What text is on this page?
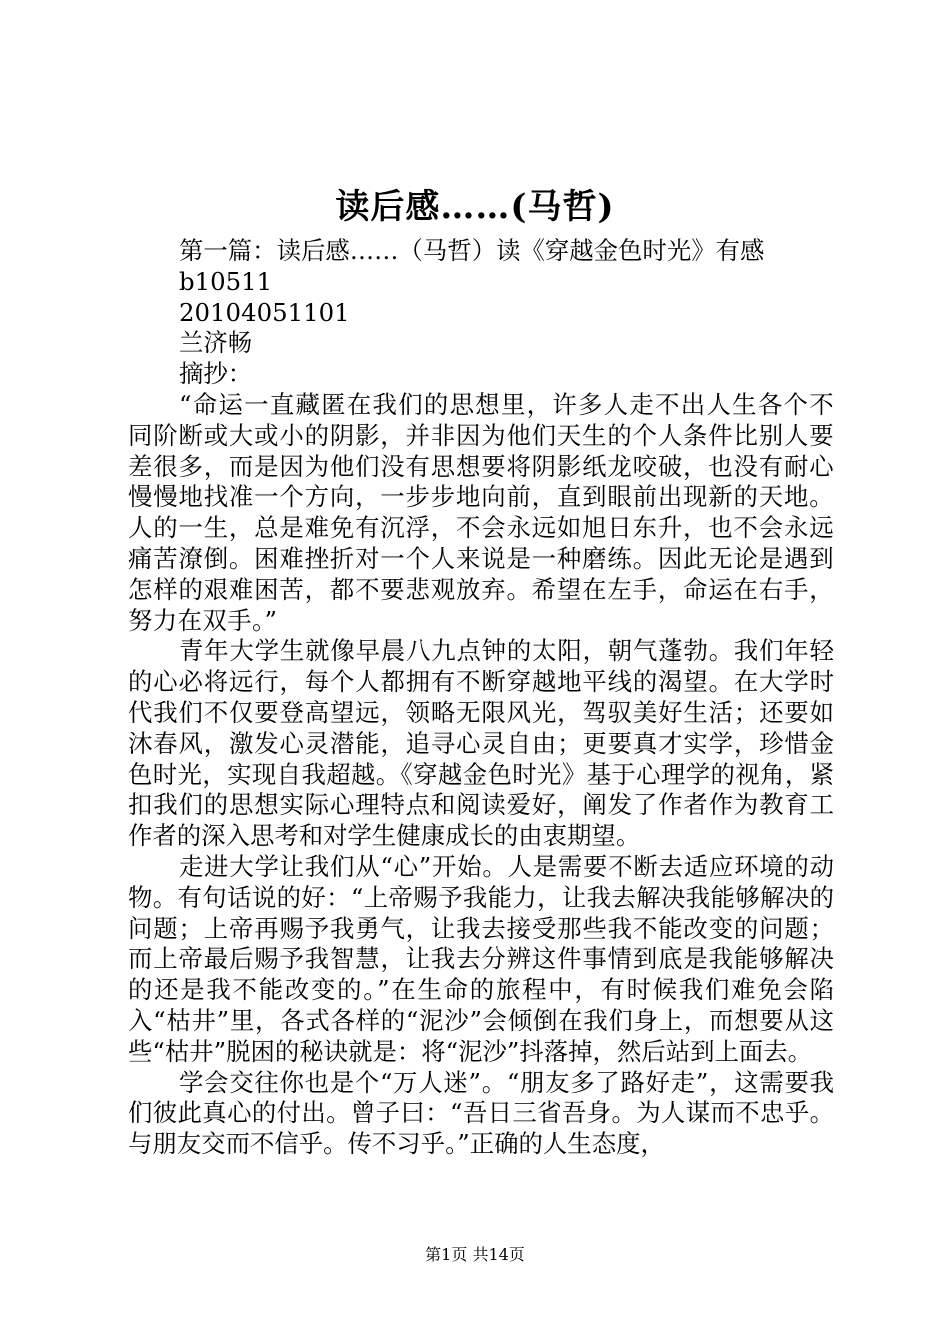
读后感……(马哲)

第一篇：读后感……（马哲）读《穿越金色时光》有感

b10511

20104051101

兰济畅

摘抄：

“命运一直藏匿在我们的思想里，许多人走不出人生各个不同阶断或大或小的阴影，并非因为他们天生的个人条件比别人要差很多，而是因为他们没有思想要将阴影纸龙咬破，也没有耐心慢慢地找准一个方向，一步步地向前，直到眼前出现新的天地。人的一生，总是难免有沉浮，不会永远如旭日东升，也不会永远痛苦潦倒。困难挫折对一个人来说是一种磨练。因此无论是遇到怎样的艰难困苦，都不要悲观放弃。希望在左手，命运在右手，努力在双手。”

青年大学生就像早晨八九点钟的太阳，朝气蓬勃。我们年轻的心必将远行，每个人都拥有不断穿越地平线的渴望。在大学时代我们不仅要登高望远，领略无限风光，驾驭美好生活；还要如沐春风，激发心灵潜能，追寻心灵自由；更要真才实学，珍惜金色时光，实现自我超越。《穿越金色时光》基于心理学的视角，紧扣我们的思想实际心理特点和阅读爱好，阐发了作者作为教育工作者的深入思考和对学生健康成长的由衷期望。

走进大学让我们从“心”开始。人是需要不断去适应环境的动物。有句话说的好：“上帝赐予我能力，让我去解决我能够解决的问题；上帝再赐予我勇气，让我去接受那些我不能改变的问题；而上帝最后赐予我智慧，让我去分辨这件事情到底是我能够解决的还是我不能改变的。”在生命的旅程中，有时候我们难免会陷入“枯井”里，各式各样的“泥沙”会倾倒在我们身上，而想要从这些“枯井”脱困的秘诀就是：将“泥沙”抖落掉，然后站到上面去。

学会交往你也是个“万人迷”。“朋友多了路好走”，这需要我们彼此真心的付出。曾子曰：“吾日三省吾身。为人谋而不忠乎。与朋友交而不信乎。传不习乎。”正确的人生态度，

第1页 共14页
